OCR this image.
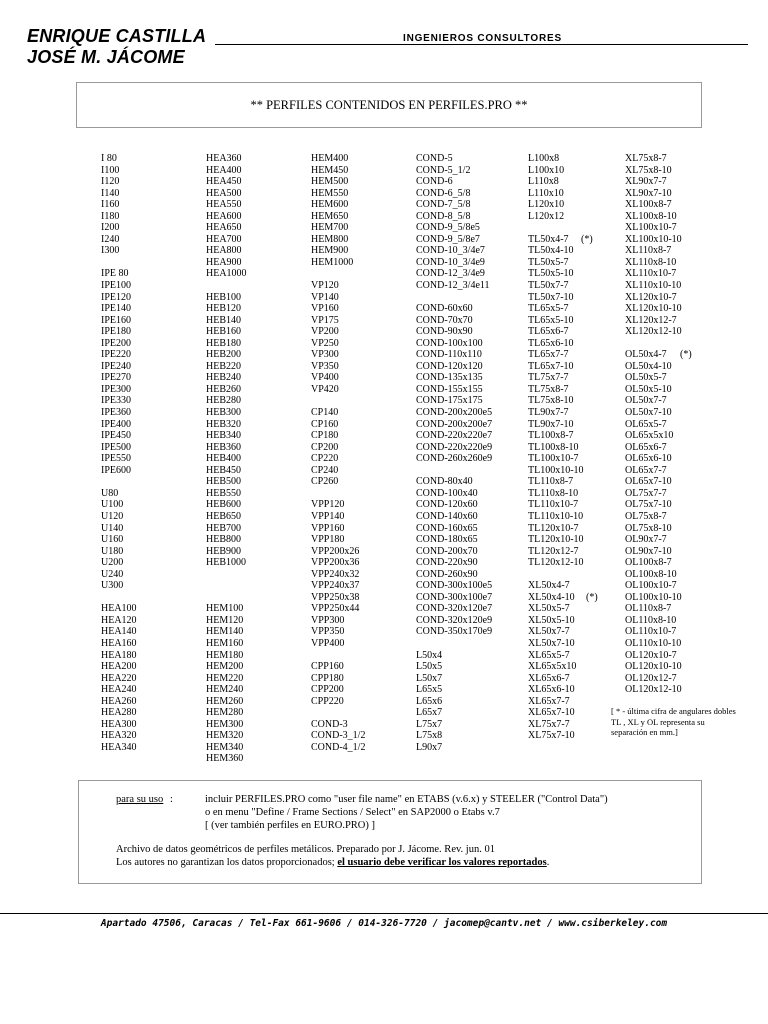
ENRIQUE CASTILLA
JOSÉ M. JÁCOME
INGENIEROS CONSULTORES
** PERFILES CONTENIDOS EN PERFILES.PRO **
I 80
I100
I120
I140
I160
I180
I200
I240
I300
IPE 80
IPE100
IPE120
IPE140
IPE160
IPE180
IPE200
IPE220
IPE240
IPE270
IPE300
IPE330
IPE360
IPE400
IPE450
IPE500
IPE550
IPE600
U80
U100
U120
U140
U160
U180
U200
U240
U300
HEA100
HEA120
HEA140
HEA160
HEA180
HEA200
HEA220
HEA240
HEA260
HEA280
HEA300
HEA320
HEA340
HEA360
HEA400
HEA450
HEA500
HEA550
HEA600
HEA650
HEA700
HEA800
HEA900
HEA1000
HEB100
HEB120
HEB140
HEB160
HEB180
HEB200
HEB220
HEB240
HEB260
HEB280
HEB300
HEB320
HEB340
HEB360
HEB400
HEB450
HEB500
HEB550
HEB600
HEB650
HEB700
HEB800
HEB900
HEB1000
HEM100
HEM120
HEM140
HEM160
HEM180
HEM200
HEM220
HEM240
HEM260
HEM280
HEM300
HEM320
HEM340
HEM360
HEM400
HEM450
HEM500
HEM550
HEM600
HEM650
HEM700
HEM800
HEM900
HEM1000
VP120
VP140
VP160
VP175
VP200
VP250
VP300
VP350
VP400
VP420
CP140
CP160
CP180
CP200
CP220
CP240
CP260
VPP120
VPP140
VPP160
VPP180
VPP200x26
VPP200x36
VPP240x32
VPP240x37
VPP250x38
VPP250x44
VPP300
VPP350
VPP400
CPP160
CPP180
CPP200
CPP220
COND-3
COND-3_1/2
COND-4_1/2
COND-5
COND-5_1/2
COND-6
COND-6_5/8
COND-7_5/8
COND-8_5/8
COND-9_5/8e5
COND-9_5/8e7
COND-10_3/4e7
COND-10_3/4e9
COND-12_3/4e9
COND-12_3/4e11
COND-60x60
COND-70x70
COND-90x90
COND-100x100
COND-110x110
COND-120x120
COND-135x135
COND-155x155
COND-175x175
COND-200x200e5
COND-200x200e7
COND-220x220e7
COND-220x220e9
COND-260x260e9
COND-80x40
COND-100x40
COND-120x60
COND-140x60
COND-160x65
COND-180x65
COND-200x70
COND-220x90
COND-260x90
COND-300x100e5
COND-300x100e7
COND-320x120e7
COND-320x120e9
COND-350x170e9
L50x4
L50x5
L50x7
L65x5
L65x6
L65x7
L75x7
L75x8
L90x7
L100x8
L100x10
L110x8
L110x10
L120x10
L120x12
TL50x4-7
TL50x4-10
TL50x5-7
TL50x5-10
TL50x7-7
TL50x7-10
TL65x5-7
TL65x5-10
TL65x6-7
TL65x6-10
TL65x7-7
TL65x7-10
TL75x7-7
TL75x8-7
TL75x8-10
TL90x7-7
TL90x7-10
TL100x8-7
TL100x8-10
TL100x10-7
TL100x10-10
TL110x8-7
TL110x8-10
TL110x10-7
TL110x10-10
TL120x10-7
TL120x10-10
TL120x12-7
TL120x12-10
XL50x4-7
XL50x4-10
XL50x5-7
XL50x5-10
XL50x7-7
XL50x7-10
XL65x5-7
XL65x5x10
XL65x6-7
XL65x6-10
XL65x7-7
XL65x7-10
XL75x7-7
XL75x7-10
XL75x8-7
XL75x8-10
XL90x7-7
XL90x7-10
XL100x8-7
XL100x8-10
XL100x10-7
XL100x10-10
XL110x8-7
XL110x8-10
XL110x10-7
XL110x10-10
XL120x10-7
XL120x10-10
XL120x12-7
XL120x12-10
OL50x4-7
OL50x4-10
OL50x5-7
OL50x5-10
OL50x7-7
OL50x7-10
OL65x5-7
OL65x5x10
OL65x6-7
OL65x6-10
OL65x7-7
OL65x7-10
OL75x7-7
OL75x7-10
OL75x8-7
OL75x8-10
OL90x7-7
OL90x7-10
OL100x8-7
OL100x8-10
OL100x10-7
OL100x10-10
OL110x8-7
OL110x8-10
OL110x10-7
OL110x10-10
OL120x10-7
OL120x10-10
OL120x12-7
OL120x12-10
(*)
(*)
(*)
[ * - última cifra de angulares dobles TL , XL y OL representa su separación en mm.]
para su uso :	incluir PERFILES.PRO como "user file name" en ETABS (v.6.x) y STEELER ("Control Data")
o en menu "Define / Frame Sections / Select" en SAP2000 o Etabs v.7
[ (ver también perfiles en EURO.PRO) ]
Archivo de datos geométricos de perfiles metálicos. Preparado por J. Jácome. Rev. jun. 01
Los autores no garantizan los datos proporcionados; el usuario debe verificar los valores reportados.
Apartado 47506, Caracas / Tel-Fax 661-9606 / 014-326-7720 / jacomep@cantv.net / www.csiberkeley.com
